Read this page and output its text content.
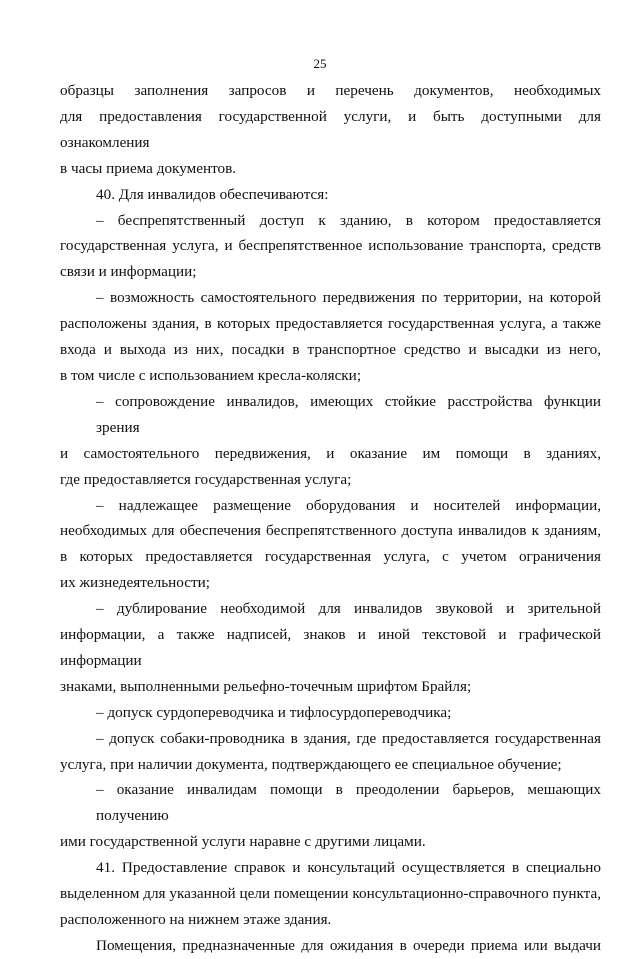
25
образцы заполнения запросов и перечень документов, необходимых
для предоставления государственной услуги, и быть доступными для ознакомления
в часы приема документов.
40. Для инвалидов обеспечиваются:
– беспрепятственный доступ к зданию, в котором предоставляется
государственная услуга, и беспрепятственное использование транспорта, средств
связи и информации;
– возможность самостоятельного передвижения по территории, на которой
расположены здания, в которых предоставляется государственная услуга, а также
входа и выхода из них, посадки в транспортное средство и высадки из него,
в том числе с использованием кресла-коляски;
– сопровождение инвалидов, имеющих стойкие расстройства функции зрения
и самостоятельного передвижения, и оказание им помощи в зданиях,
где предоставляется государственная услуга;
– надлежащее размещение оборудования и носителей информации,
необходимых для обеспечения беспрепятственного доступа инвалидов к зданиям,
в которых предоставляется государственная услуга, с учетом ограничения
их жизнедеятельности;
– дублирование необходимой для инвалидов звуковой и зрительной
информации, а также надписей, знаков и иной текстовой и графической информации
знаками, выполненными рельефно-точечным шрифтом Брайля;
– допуск сурдопереводчика и тифлосурдопереводчика;
– допуск собаки-проводника в здания, где предоставляется государственная
услуга, при наличии документа, подтверждающего ее специальное обучение;
– оказание инвалидам помощи в преодолении барьеров, мешающих получению
ими государственной услуги наравне с другими лицами.
41. Предоставление справок и консультаций осуществляется в специально
выделенном для указанной цели помещении консультационно-справочного пункта,
расположенного на нижнем этаже здания.
Помещения, предназначенные для ожидания в очереди приема или выдачи
